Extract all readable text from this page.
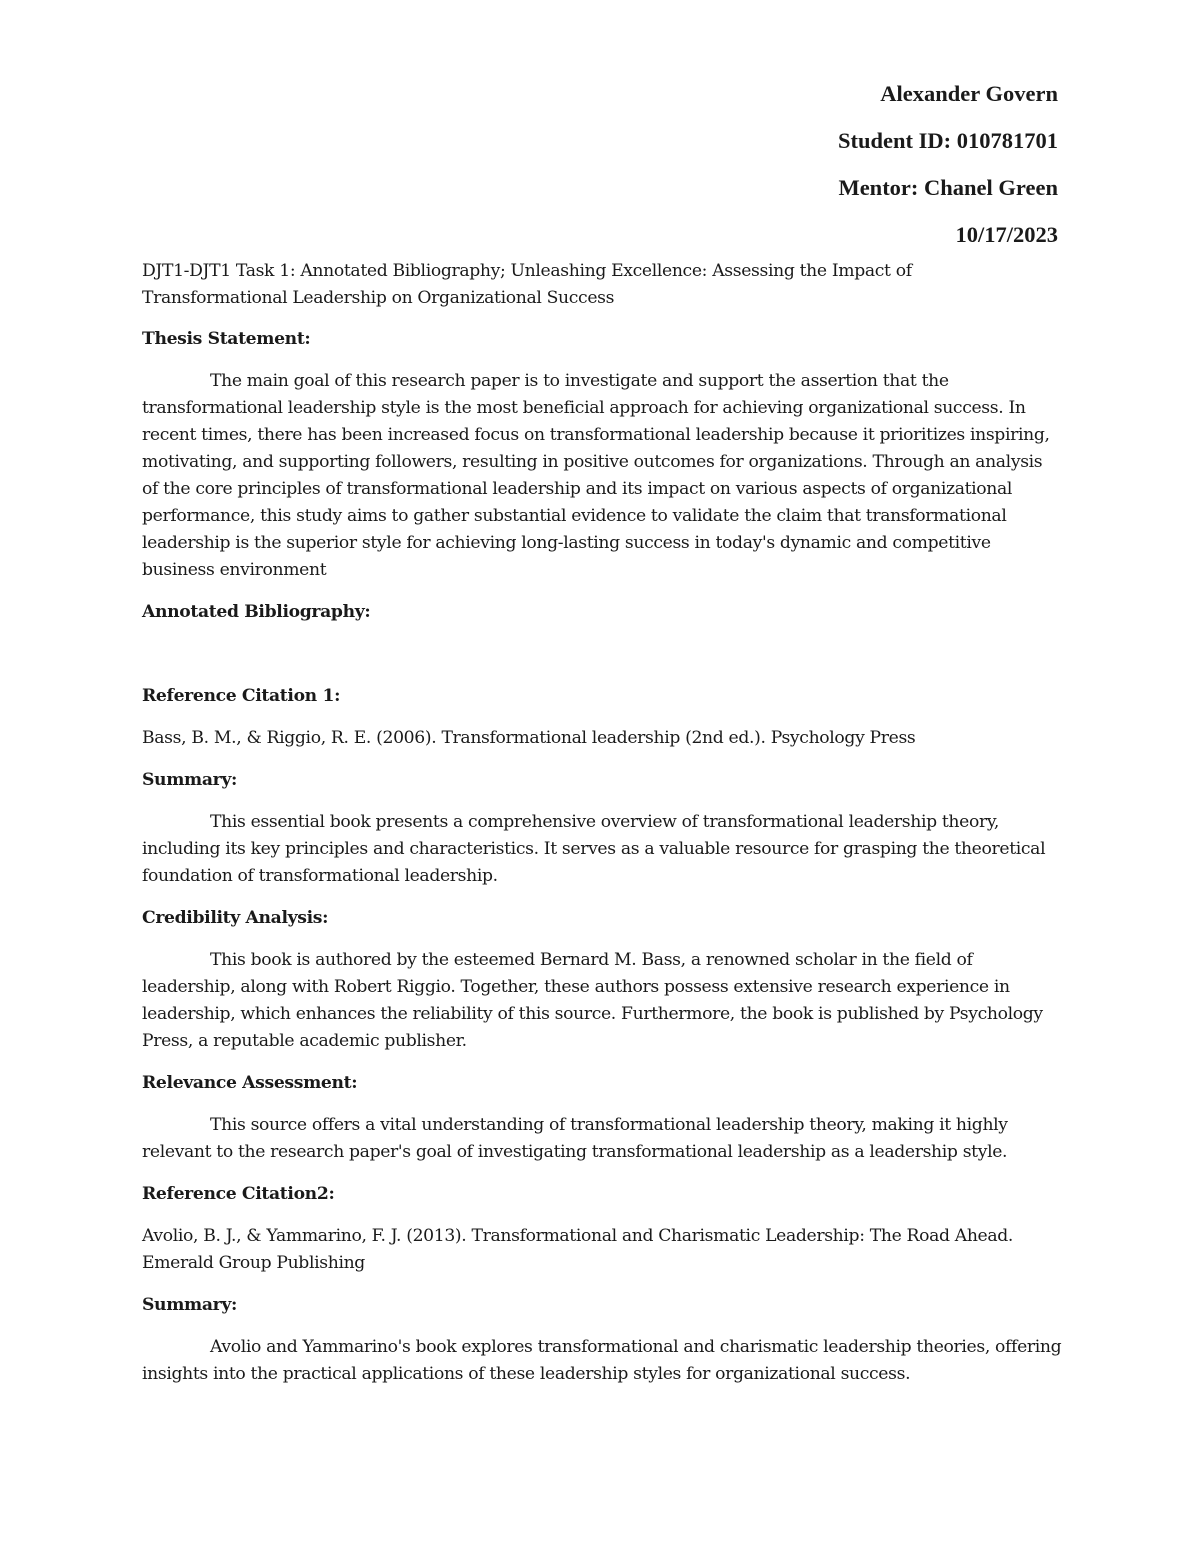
Alexander Govern
Student ID: 010781701
Mentor: Chanel Green
10/17/2023

DJT1-DJT1 Task 1: Annotated Bibliography; Unleashing Excellence: Assessing the Impact of Transformational Leadership on Organizational Success

Thesis Statement:

The main goal of this research paper is to investigate and support the assertion that the transformational leadership style is the most beneficial approach for achieving organizational success. In recent times, there has been increased focus on transformational leadership because it prioritizes inspiring, motivating, and supporting followers, resulting in positive outcomes for organizations. Through an analysis of the core principles of transformational leadership and its impact on various aspects of organizational performance, this study aims to gather substantial evidence to validate the claim that transformational leadership is the superior style for achieving long-lasting success in today's dynamic and competitive business environment

Annotated Bibliography:

Reference Citation 1:

Bass, B. M., & Riggio, R. E. (2006). Transformational leadership (2nd ed.). Psychology Press

Summary:

This essential book presents a comprehensive overview of transformational leadership theory, including its key principles and characteristics. It serves as a valuable resource for grasping the theoretical foundation of transformational leadership.

Credibility Analysis:

This book is authored by the esteemed Bernard M. Bass, a renowned scholar in the field of leadership, along with Robert Riggio. Together, these authors possess extensive research experience in leadership, which enhances the reliability of this source. Furthermore, the book is published by Psychology Press, a reputable academic publisher.

Relevance Assessment:

This source offers a vital understanding of transformational leadership theory, making it highly relevant to the research paper's goal of investigating transformational leadership as a leadership style.

Reference Citation2:

Avolio, B. J., & Yammarino, F. J. (2013). Transformational and Charismatic Leadership: The Road Ahead. Emerald Group Publishing

Summary:

Avolio and Yammarino's book explores transformational and charismatic leadership theories, offering insights into the practical applications of these leadership styles for organizational success.
